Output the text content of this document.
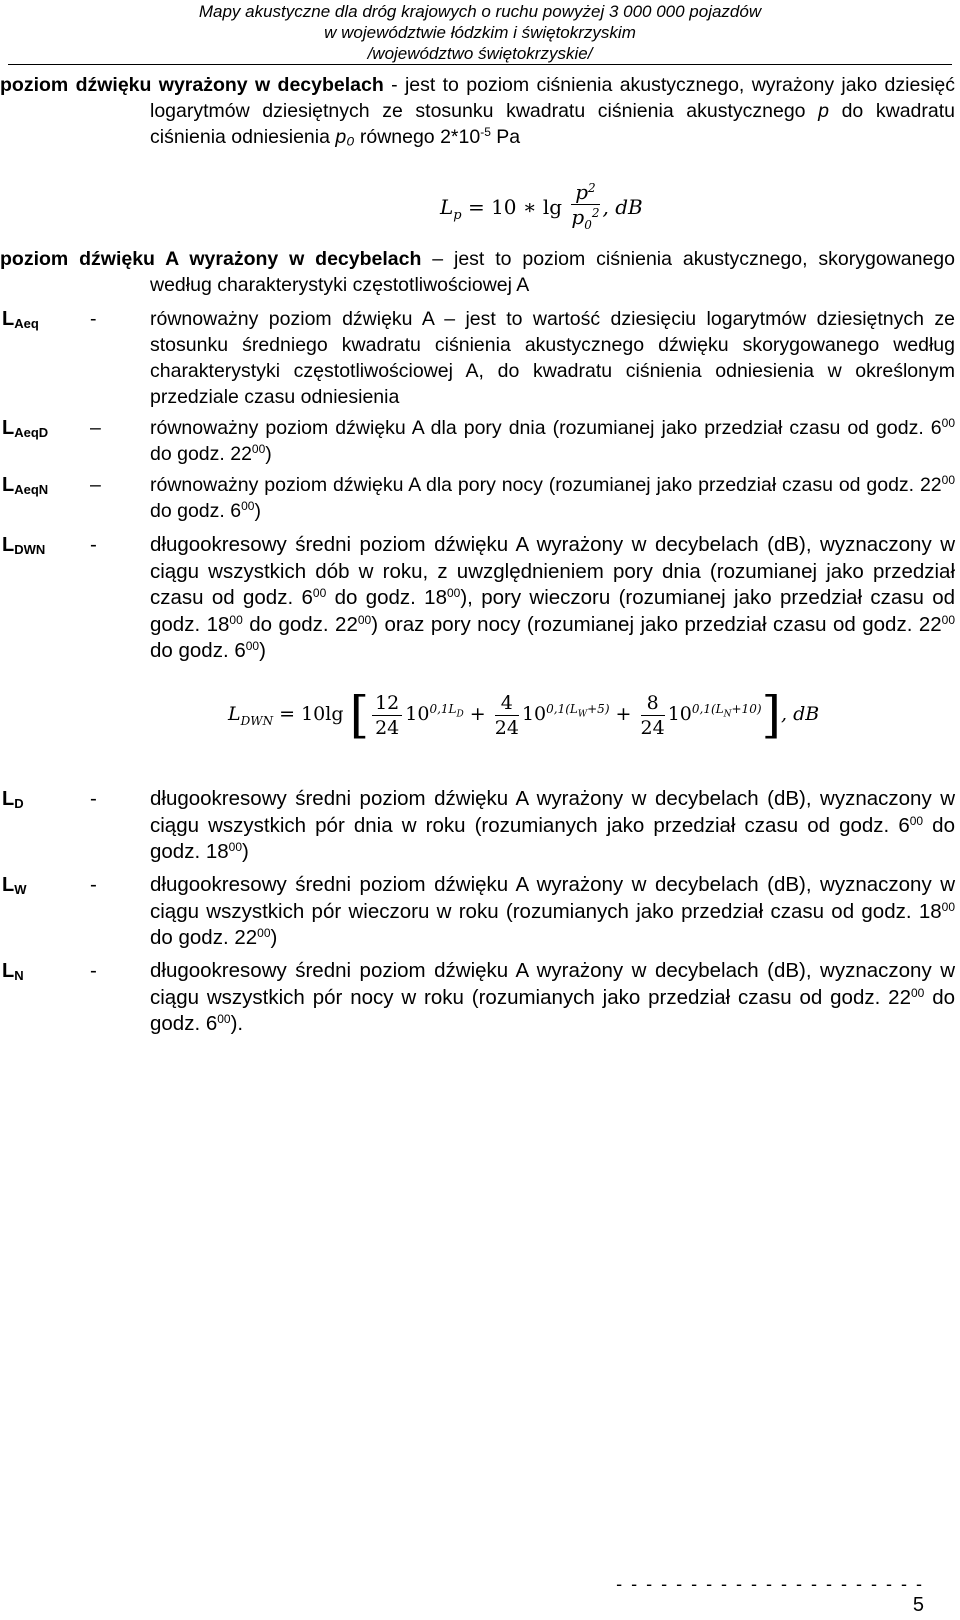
Mapy akustyczne dla dróg krajowych o ruchu powyżej 3 000 000 pojazdów
w województwie łódzkim i świętokrzyskim
/województwo świętokrzyskie/
poziom dźwięku wyrażony w decybelach - jest to poziom ciśnienia akustycznego, wyrażony jako dziesięć logarytmów dziesiętnych ze stosunku kwadratu ciśnienia akustycznego p do kwadratu ciśnienia odniesienia p₀ równego $2*10^{-5}$ Pa
$L_p = 10$ ∗ $\lg \frac{p^2}{p_0^2}$ , dB
poziom dźwięku A wyrażony w decybelach – jest to poziom ciśnienia akustycznego, skorygowanego według charakterystyki częstotliwościowej A
$L_{Aeq}$	-	równoważny poziom dźwięku A – jest to wartość dziesięciu logarytmów dziesiętnych ze stosunku średniego kwadratu ciśnienia akustycznego dźwięku skorygowanego według charakterystyki częstotliwościowej A, do kwadratu ciśnienia odniesienia w określonym przedziale czasu odniesienia
$L_{AeqD}$ –	równoważny poziom dźwięku A dla pory dnia (rozumianej jako przedział czasu od godz. $6^{00}$ do godz. $22^{00}$)
$L_{AeqN}$ –	równoważny poziom dźwięku A dla pory nocy (rozumianej jako przedział czasu od godz. $22^{00}$ do godz. $6^{00}$)
$L_{DWN}$ -	długookresowy średni poziom dźwięku A wyrażony w decybelach (dB), wyznaczony w ciągu wszystkich dób w roku, z uwzględnieniem pory dnia (rozumianej jako przedział czasu od godz. $6^{00}$ do godz. $18^{00}$), pory wieczoru (rozumianej jako przedział czasu od godz. $18^{00}$ do godz. $22^{00}$) oraz pory nocy (rozumianej jako przedział czasu od godz. $22^{00}$ do godz. $6^{00}$)
$L_{DWN} = 10\lg$ [ $\frac{12}{24} 10^{0,1L_D} + \frac{4}{24} 10^{0,1(L_W+5)} + \frac{8}{24} 10^{0,1(L_N+10)}$], dB
$L_D$	-	długookresowy średni poziom dźwięku A wyrażony w decybelach (dB), wyznaczony w ciągu wszystkich pór dnia w roku (rozumianych jako przedział czasu od godz. $6^{00}$ do godz. $18^{00}$)
$L_W$	-	długookresowy średni poziom dźwięku A wyrażony w decybelach (dB), wyznaczony w ciągu wszystkich pór wieczoru w roku (rozumianych jako przedział czasu od godz. $18^{00}$ do godz. $22^{00}$)
$L_N$	-	długookresowy średni poziom dźwięku A wyrażony w decybelach (dB), wyznaczony w ciągu wszystkich pór nocy w roku (rozumianych jako przedział czasu od godz. $22^{00}$ do godz. $6^{00}$).
- - - - - - - - - - - - - - - - - - - - -
5
